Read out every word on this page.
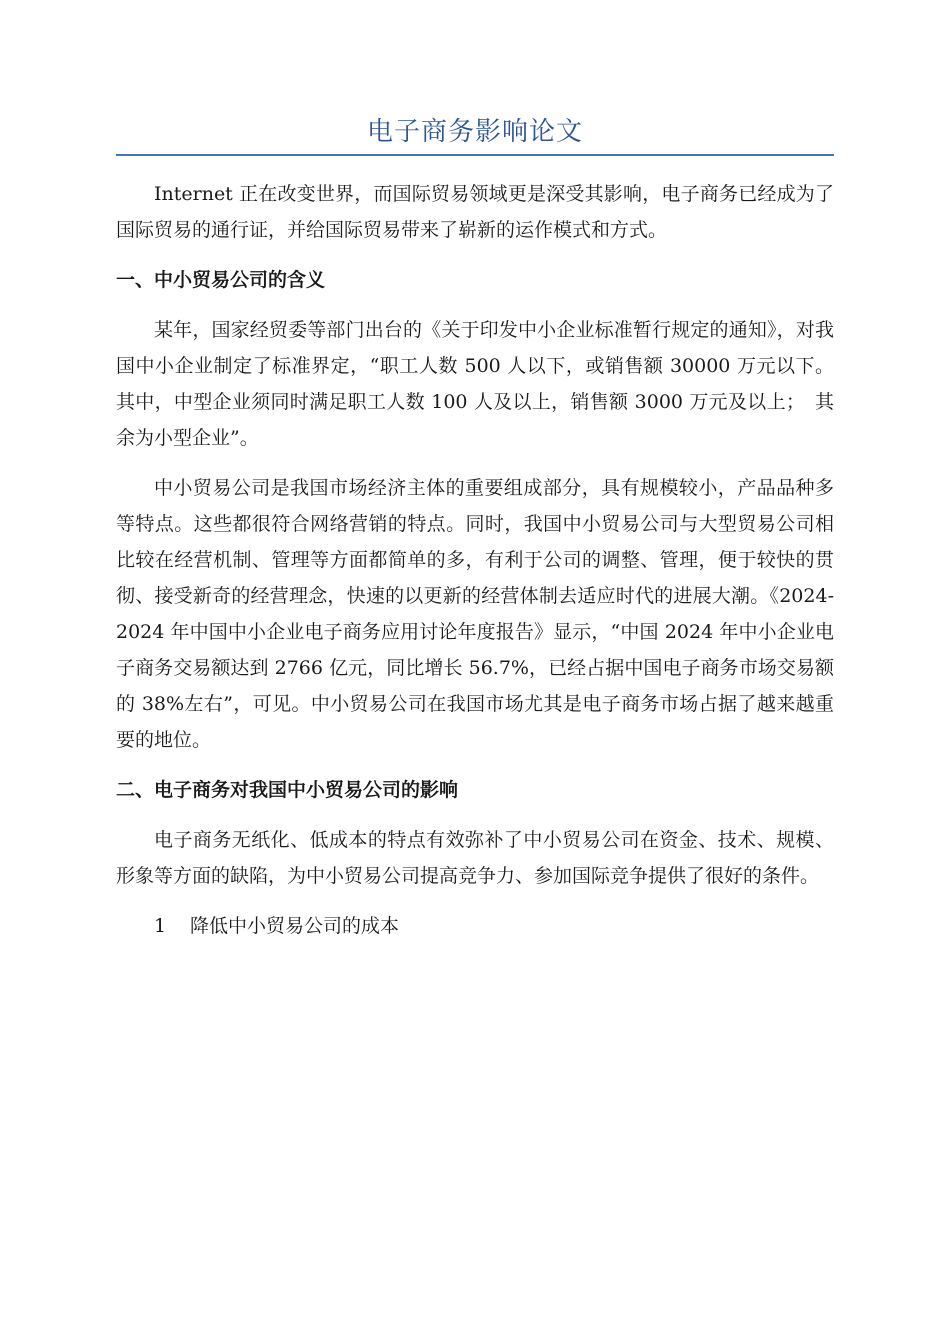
电子商务影响论文

Internet 正在改变世界，而国际贸易领域更是深受其影响，电子商务已经成为了国际贸易的通行证，并给国际贸易带来了崭新的运作模式和方式。

一、中小贸易公司的含义

某年，国家经贸委等部门出台的《关于印发中小企业标准暂行规定的通知》，对我国中小企业制定了标准界定，“职工人数 500 人以下，或销售额 30000 万元以下。其中，中型企业须同时满足职工人数 100 人及以上，销售额 3000 万元及以上；　其余为小型企业”。

中小贸易公司是我国市场经济主体的重要组成部分，具有规模较小，产品品种多等特点。这些都很符合网络营销的特点。同时，我国中小贸易公司与大型贸易公司相比较在经营机制、管理等方面都简单的多，有利于公司的调整、管理，便于较快的贯彻、接受新奇的经营理念，快速的以更新的经营体制去适应时代的进展大潮。《2024-2024 年中国中小企业电子商务应用讨论年度报告》显示，“中国 2024 年中小企业电子商务交易额达到 2766 亿元，同比增长 56.7%，已经占据中国电子商务市场交易额的 38%左右”，可见。中小贸易公司在我国市场尤其是电子商务市场占据了越来越重要的地位。

二、电子商务对我国中小贸易公司的影响

电子商务无纸化、低成本的特点有效弥补了中小贸易公司在资金、技术、规模、形象等方面的缺陷，为中小贸易公司提高竞争力、参加国际竞争提供了很好的条件。

1 降低中小贸易公司的成本
